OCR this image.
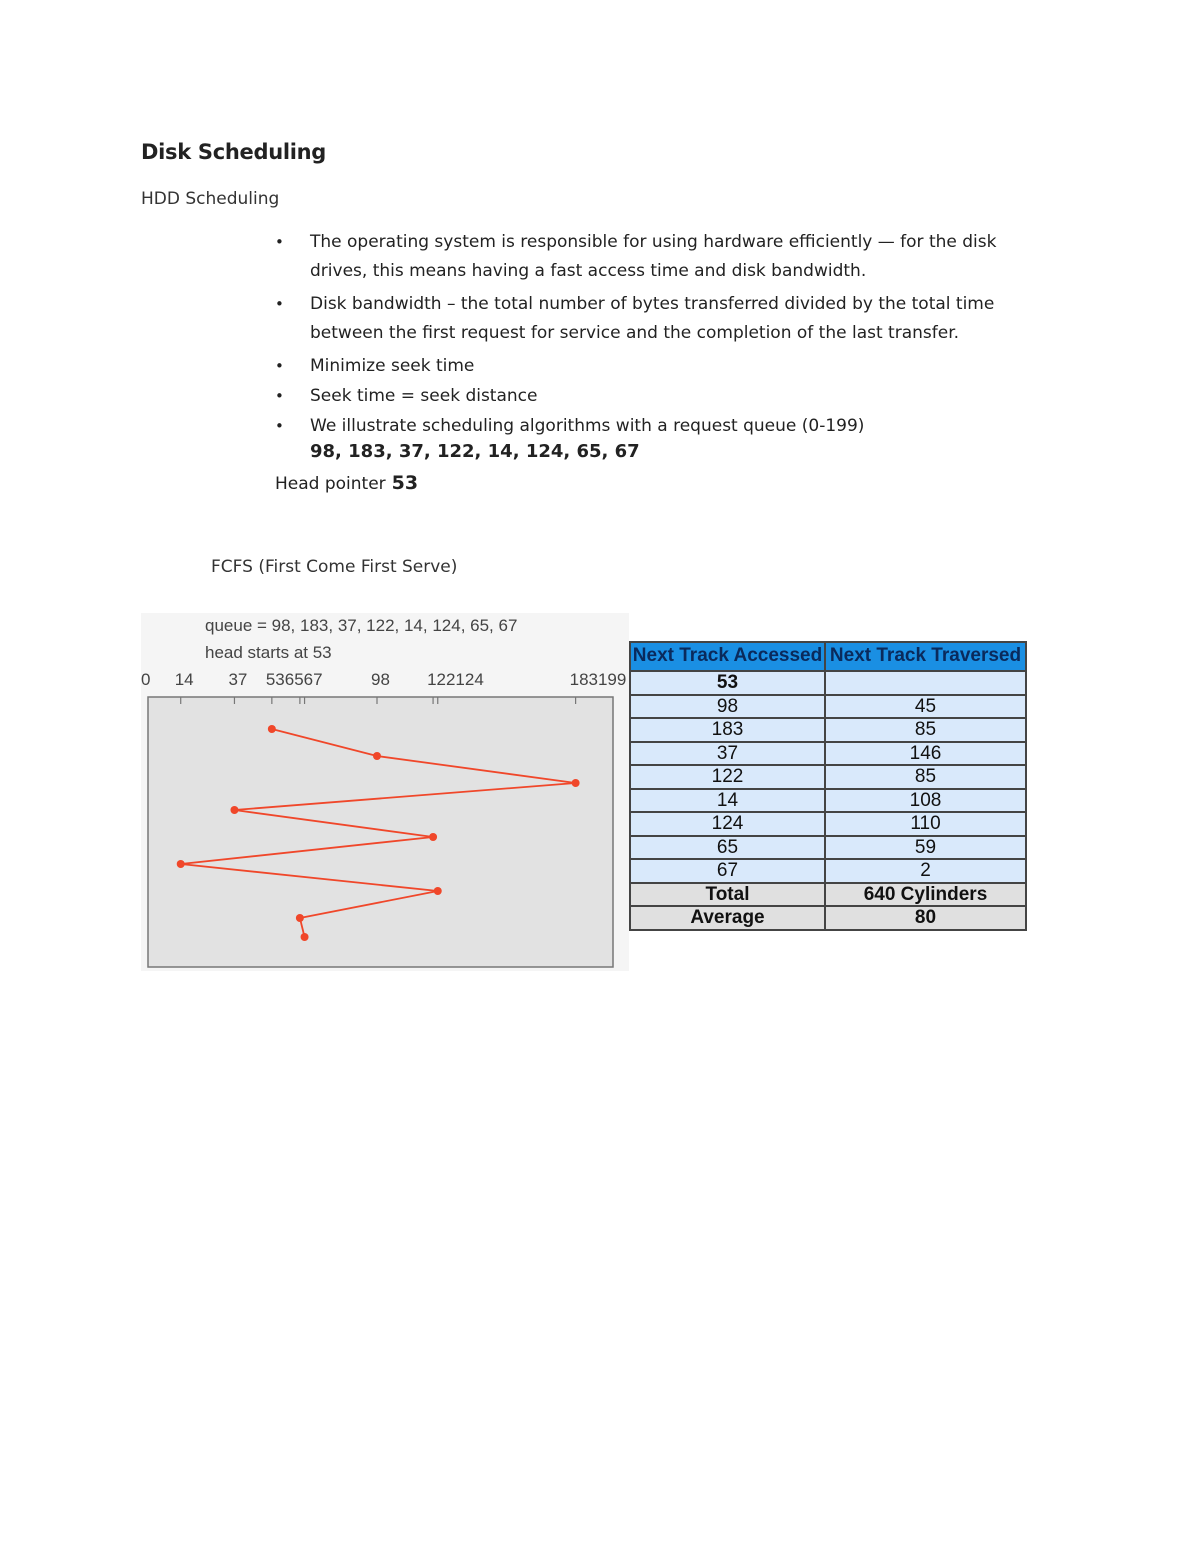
Disk Scheduling
HDD Scheduling
• The operating system is responsible for using hardware efficiently — for the disk drives, this means having a fast access time and disk bandwidth.
• Disk bandwidth – the total number of bytes transferred divided by the total time between the first request for service and the completion of the last transfer.
• Minimize seek time
• Seek time = seek distance
• We illustrate scheduling algorithms with a request queue (0-199)
98, 183, 37, 122, 14, 124, 65, 67
Head pointer 53
FCFS (First Come First Serve)
queue = 98, 183, 37, 122, 14, 124, 65, 67
head starts at 53
0 14 37 536567	98 122124	183199
Next Track Accessed	Next Track Traversed
53	
98	45
183	85
37	146
122	85
14	108
124	110
65	59
67	2
Total	640 Cylinders
Average	80
